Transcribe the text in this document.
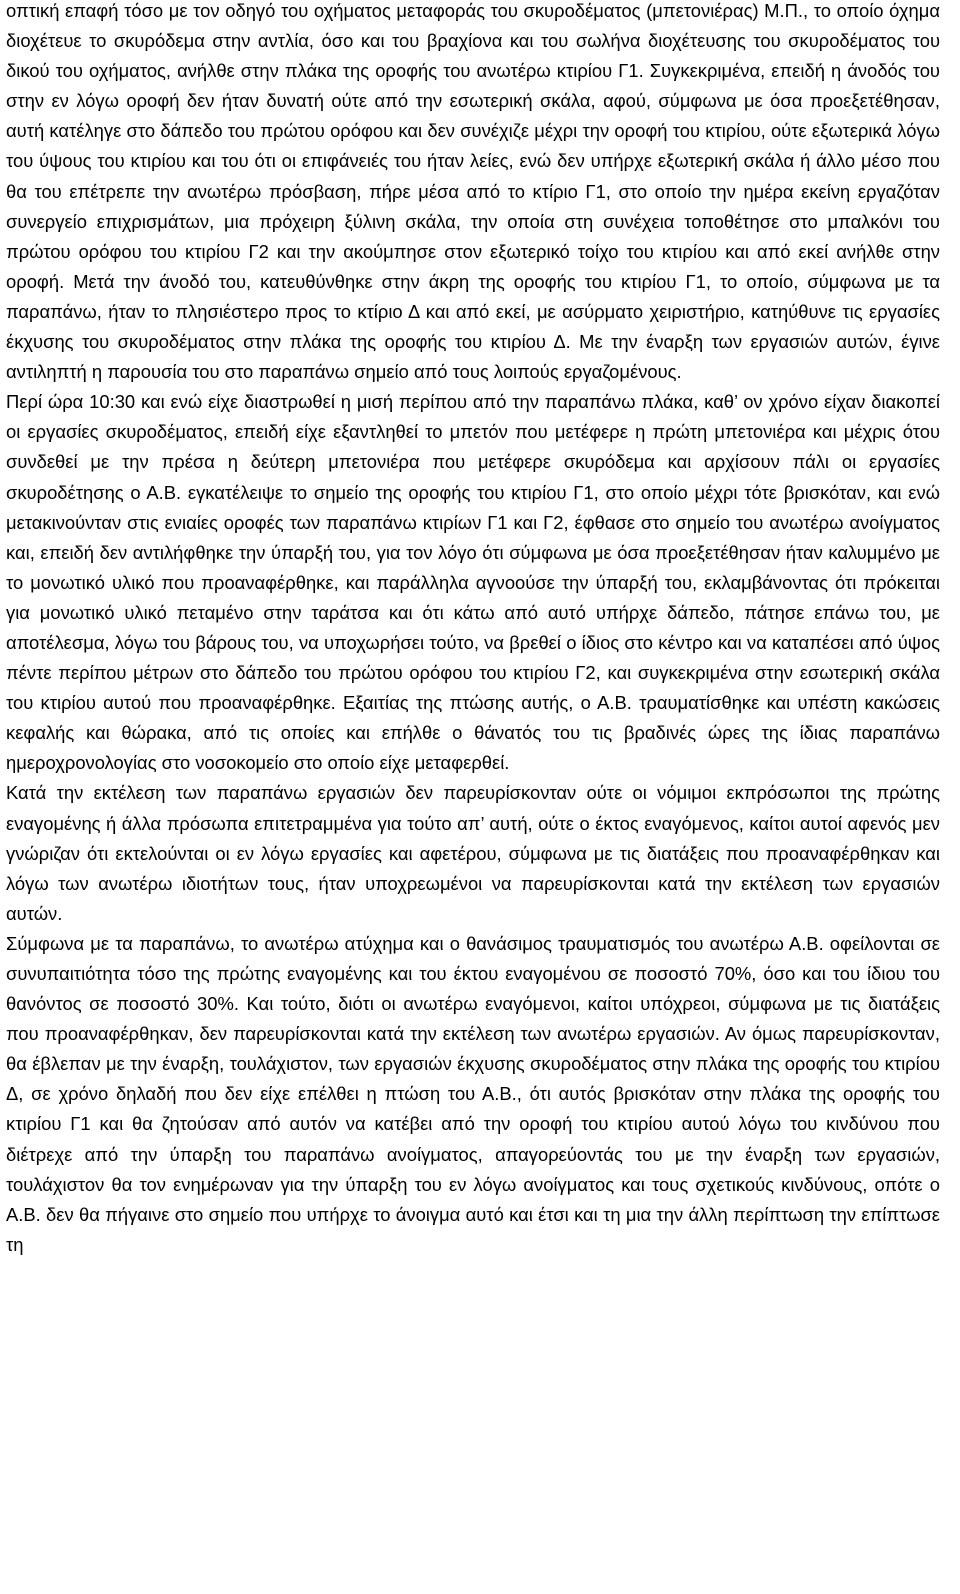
οπτική επαφή τόσο με τον οδηγό του οχήματος μεταφοράς του σκυροδέματος (μπετονιέρας) Μ.Π., το οποίο όχημα διοχέτευε το σκυρόδεμα στην αντλία, όσο και του βραχίονα και του σωλήνα διοχέτευσης του σκυροδέματος του δικού του οχήματος, ανήλθε στην πλάκα της οροφής του ανωτέρω κτιρίου Γ1. Συγκεκριμένα, επειδή η άνοδός του στην εν λόγω οροφή δεν ήταν δυνατή ούτε από την εσωτερική σκάλα, αφού, σύμφωνα με όσα προεξετέθησαν, αυτή κατέληγε στο δάπεδο του πρώτου ορόφου και δεν συνέχιζε μέχρι την οροφή του κτιρίου, ούτε εξωτερικά λόγω του ύψους του κτιρίου και του ότι οι επιφάνειές του ήταν λείες, ενώ δεν υπήρχε εξωτερική σκάλα ή άλλο μέσο που θα του επέτρεπε την ανωτέρω πρόσβαση, πήρε μέσα από το κτίριο Γ1, στο οποίο την ημέρα εκείνη εργαζόταν συνεργείο επιχρισμάτων, μια πρόχειρη ξύλινη σκάλα, την οποία στη συνέχεια τοποθέτησε στο μπαλκόνι του πρώτου ορόφου του κτιρίου Γ2 και την ακούμπησε στον εξωτερικό τοίχο του κτιρίου και από εκεί ανήλθε στην οροφή. Μετά την άνοδό του, κατευθύνθηκε στην άκρη της οροφής του κτιρίου Γ1, το οποίο, σύμφωνα με τα παραπάνω, ήταν το πλησιέστερο προς το κτίριο Δ και από εκεί, με ασύρματο χειριστήριο, κατηύθυνε τις εργασίες έκχυσης του σκυροδέματος στην πλάκα της οροφής του κτιρίου Δ. Με την έναρξη των εργασιών αυτών, έγινε αντιληπτή η παρουσία του στο παραπάνω σημείο από τους λοιπούς εργαζομένους.

Περί ώρα 10:30 και ενώ είχε διαστρωθεί η μισή περίπου από την παραπάνω πλάκα, καθ’ ον χρόνο είχαν διακοπεί οι εργασίες σκυροδέματος, επειδή είχε εξαντληθεί το μπετόν που μετέφερε η πρώτη μπετονιέρα και μέχρις ότου συνδεθεί με την πρέσα η δεύτερη μπετονιέρα που μετέφερε σκυρόδεμα και αρχίσουν πάλι οι εργασίες σκυροδέτησης ο Α.Β. εγκατέλειψε το σημείο της οροφής του κτιρίου Γ1, στο οποίο μέχρι τότε βρισκόταν, και ενώ μετακινούνταν στις ενιαίες οροφές των παραπάνω κτιρίων Γ1 και Γ2, έφθασε στο σημείο του ανωτέρω ανοίγματος και, επειδή δεν αντιλήφθηκε την ύπαρξή του, για τον λόγο ότι σύμφωνα με όσα προεξετέθησαν ήταν καλυμμένο με το μονωτικό υλικό που προαναφέρθηκε, και παράλληλα αγνοούσε την ύπαρξή του, εκλαμβάνοντας ότι πρόκειται για μονωτικό υλικό πεταμένο στην ταράτσα και ότι κάτω από αυτό υπήρχε δάπεδο, πάτησε επάνω του, με αποτέλεσμα, λόγω του βάρους του, να υποχωρήσει τούτο, να βρεθεί ο ίδιος στο κέντρο και να καταπέσει από ύψος πέντε περίπου μέτρων στο δάπεδο του πρώτου ορόφου του κτιρίου Γ2, και συγκεκριμένα στην εσωτερική σκάλα του κτιρίου αυτού που προαναφέρθηκε. Εξαιτίας της πτώσης αυτής, ο Α.Β. τραυματίσθηκε και υπέστη κακώσεις κεφαλής και θώρακα, από τις οποίες και επήλθε ο θάνατός του τις βραδινές ώρες της ίδιας παραπάνω ημεροχρονολογίας στο νοσοκομείο στο οποίο είχε μεταφερθεί.

Κατά την εκτέλεση των παραπάνω εργασιών δεν παρευρίσκονταν ούτε οι νόμιμοι εκπρόσωποι της πρώτης εναγομένης ή άλλα πρόσωπα επιτετραμμένα για τούτο απ’ αυτή, ούτε ο έκτος εναγόμενος, καίτοι αυτοί αφενός μεν γνώριζαν ότι εκτελούνται οι εν λόγω εργασίες και αφετέρου, σύμφωνα με τις διατάξεις που προαναφέρθηκαν και λόγω των ανωτέρω ιδιοτήτων τους, ήταν υποχρεωμένοι να παρευρίσκονται κατά την εκτέλεση των εργασιών αυτών.

Σύμφωνα με τα παραπάνω, το ανωτέρω ατύχημα και ο θανάσιμος τραυματισμός του ανωτέρω Α.Β. οφείλονται σε συνυπαιτιότητα τόσο της πρώτης εναγομένης και του έκτου εναγομένου σε ποσοστό 70%, όσο και του ίδιου του θανόντος σε ποσοστό 30%. Και τούτο, διότι οι ανωτέρω εναγόμενοι, καίτοι υπόχρεοι, σύμφωνα με τις διατάξεις που προαναφέρθηκαν, δεν παρευρίσκονται κατά την εκτέλεση των ανωτέρω εργασιών. Αν όμως παρευρίσκονταν, θα έβλεπαν με την έναρξη, τουλάχιστον, των εργασιών έκχυσης σκυροδέματος στην πλάκα της οροφής του κτιρίου Δ, σε χρόνο δηλαδή που δεν είχε επέλθει η πτώση του Α.Β., ότι αυτός βρισκόταν στην πλάκα της οροφής του κτιρίου Γ1 και θα ζητούσαν από αυτόν να κατέβει από την οροφή του κτιρίου αυτού λόγω του κινδύνου που διέτρεχε από την ύπαρξη του παραπάνω ανοίγματος, απαγορεύοντάς του με την έναρξη των εργασιών, τουλάχιστον θα τον ενημέρωναν για την ύπαρξη του εν λόγω ανοίγματος και τους σχετικούς κινδύνους, οπότε ο Α.Β. δεν θα πήγαινε στο σημείο που υπήρχε το άνοιγμα αυτό και έτσι και τη μια την άλλη περίπτωση την επίπτωσε τη
